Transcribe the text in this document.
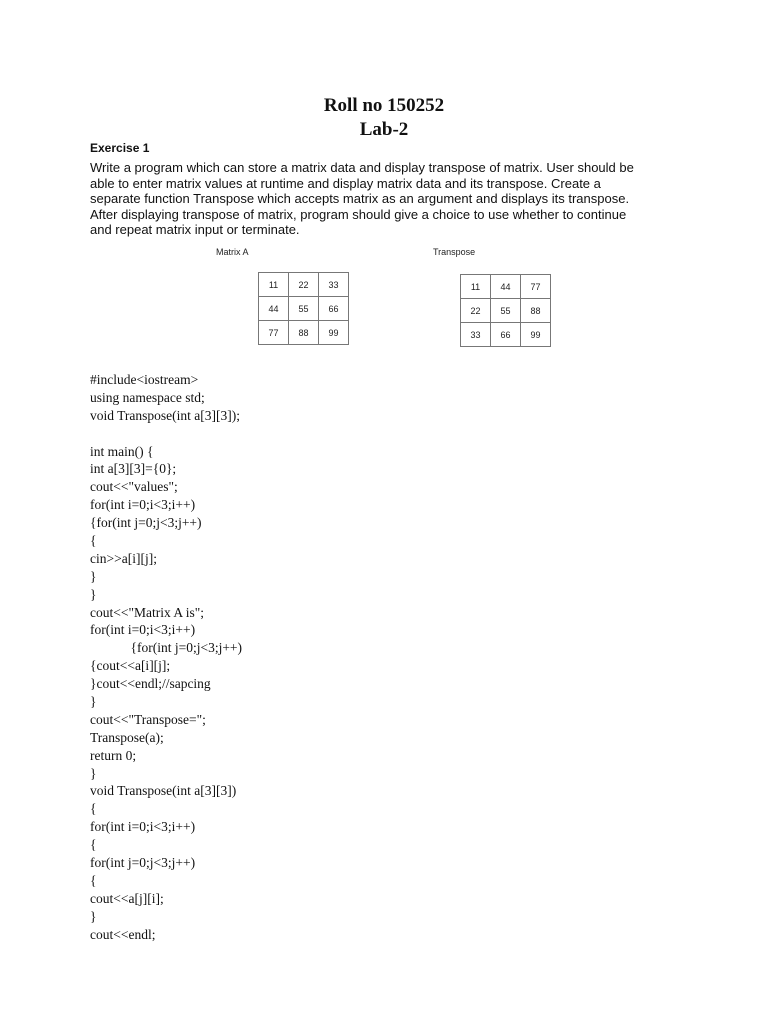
Roll no 150252
Lab-2
Exercise 1
Write a program which can store a matrix data and display transpose of matrix. User should be
able to enter matrix values at runtime and display matrix data and its transpose. Create a
separate function Transpose which accepts matrix as an argument and displays its transpose.
After displaying transpose of matrix, program should give a choice to use whether to continue
and repeat matrix input or terminate.
Matrix A	Transpose
11	22	33
44	55	66
77	88	99
11	44	77
22	55	88
33	66	99
#include<iostream>
using namespace std;
void Transpose(int a[3][3]);
int main() {
int a[3][3]={0};
cout<<"values";
for(int i=0;i<3;i++)
{for(int j=0;j<3;j++)
{
cin>>a[i][j];
}
}
cout<<"Matrix A is";
for(int i=0;i<3;i++)
{for(int j=0;j<3;j++)
{cout<<a[i][j];
}cout<<endl;//sapcing
}
cout<<"Transpose=";
Transpose(a);
return 0;
}
void Transpose(int a[3][3])
{
for(int i=0;i<3;i++)
{
for(int j=0;j<3;j++)
{
cout<<a[j][i];
}
cout<<endl;
